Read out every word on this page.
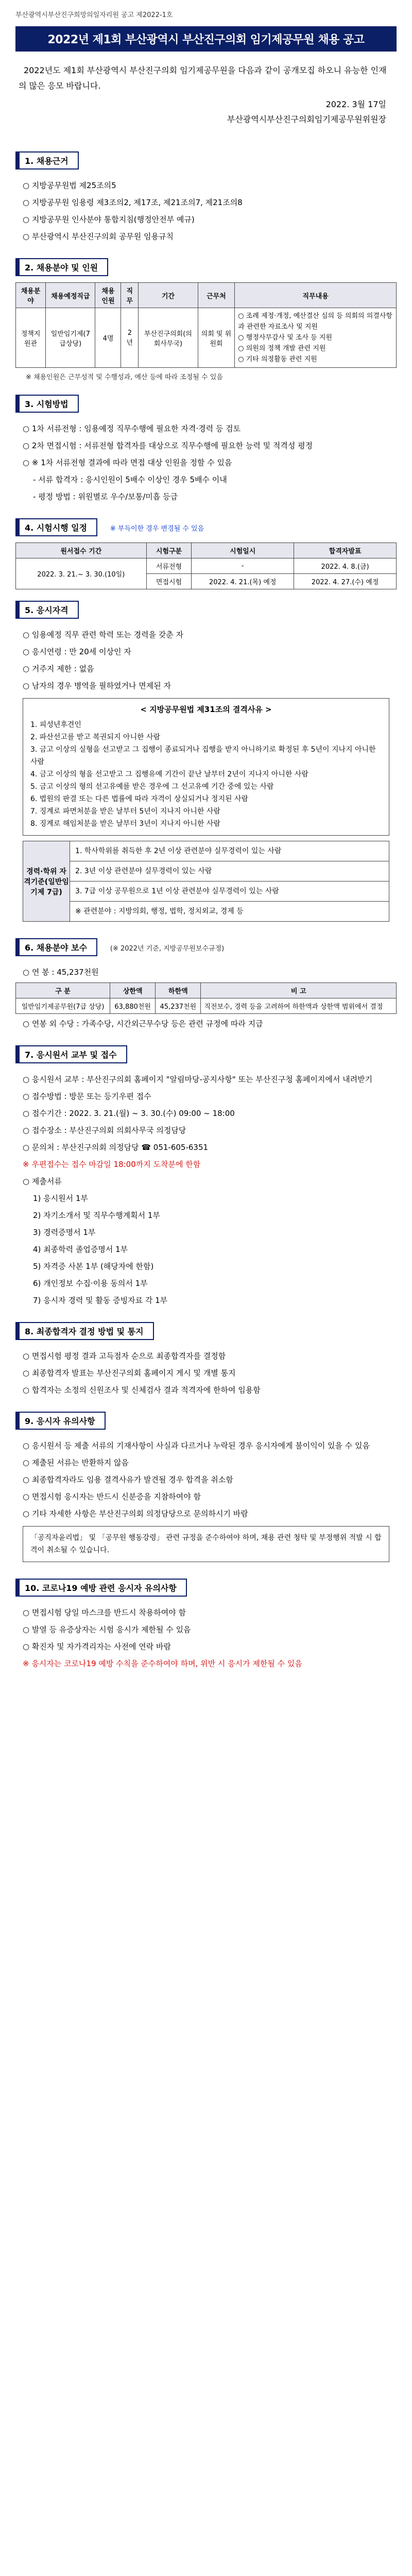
부산광역시부산진구희망의일자리원 공고 제2022-1호
2022년 제1회 부산광역시 부산진구의회 임기제공무원 채용 공고
2022년도 제1회 부산광역시 부산진구의회 임기제공무원을 다음과 같이 공개모집 하오니 유능한 인재의 많은 응모 바랍니다.
2022. 3월 17일
부산광역시부산진구의회임기제공무원위원장
1. 채용근거
○ 지방공무원법 제25조의5
○ 지방공무원 임용령 제3조의2, 제17조, 제21조의7, 제21조의8
○ 지방공무원 인사분야 통합지침(행정안전부 예규)
○ 부산광역시 부산진구의회 공무원 임용규칙
2. 채용분야 및 인원
채용분야	채용예정직급	채용인원	직무	기간	근무처	직무내용
정책지원관	일반임기제(7급상당)	4명	2년	부산진구의회(의회사무국)	의회 및 위원회	○ 조례 제정·개정, 예산결산 심의 등 의회의 의결사항과 관련한 자료조사 및 지원
○ 행정사무감사 및 조사 등 지원
○ 의원의 정책 개발 관련 지원
○ 기타 의정활동 관련 지원
※ 채용인원은 근무성적 및 수행성과, 예산 등에 따라 조정될 수 있음
3. 시험방법
○ 1차 서류전형 : 임용예정 직무수행에 필요한 자격·경력 등 검토
○ 2차 면접시험 : 서류전형 합격자를 대상으로 직무수행에 필요한 능력 및 적격성 평정
○ ※ 1차 서류전형 결과에 따라 면접 대상 인원을 정할 수 있음
- 서류 합격자 : 응시인원이 5배수 이상인 경우 5배수 이내
- 평정 방법 : 위원별로 우수/보통/미흡 등급
4. 시험시행 일정	※ 부득이한 경우 변경될 수 있음
원서접수 기간	시험구분	시험일시	합격자발표
2022. 3. 21.~ 3. 30.(10일)	서류전형	-	2022. 4. 8.(금)
	면접시험	2022. 4. 21.(목) 예정	2022. 4. 27.(수) 예정
5. 응시자격
○ 임용예정 직무 관련 학력 또는 경력을 갖춘 자
○ 응시연령 : 만 20세 이상인 자
○ 거주지 제한 : 없음
○ 남자의 경우 병역을 필하였거나 면제된 자
< 지방공무원법 제31조의 결격사유 >
1. 피성년후견인
2. 파산선고를 받고 복권되지 아니한 사람
3. 금고 이상의 실형을 선고받고 그 집행이 종료되거나 집행을 받지 아니하기로 확정된 후 5년이 지나지 아니한 사람
4. 금고 이상의 형을 선고받고 그 집행유예 기간이 끝난 날부터 2년이 지나지 아니한 사람
5. 금고 이상의 형의 선고유예를 받은 경우에 그 선고유예 기간 중에 있는 사람
6. 법원의 판결 또는 다른 법률에 따라 자격이 상실되거나 정지된 사람
7. 징계로 파면처분을 받은 날부터 5년이 지나지 아니한 사람
8. 징계로 해임처분을 받은 날부터 3년이 지나지 아니한 사람
경력·학위 자격기준(일반임기제 7급)
1. 학사학위를 취득한 후 2년 이상 관련분야 실무경력이 있는 사람
2. 3년 이상 관련분야 실무경력이 있는 사람
3. 7급 이상 공무원으로 1년 이상 관련분야 실무경력이 있는 사람
※ 관련분야 : 지방의회, 행정, 법학, 정치외교, 경제 등
6. 채용분야 보수	(※ 2022년 기준, 지방공무원보수규정)
○ 연 봉 : 45,237천원
구 분	상한액	하한액	비 고
일반임기제공무원(7급 상당)	63,880천원	45,237천원	직전보수, 경력 등을 고려하여 하한액과 상한액 범위에서 결정
○ 연봉 외 수당 : 가족수당, 시간외근무수당 등은 관련 규정에 따라 지급
7. 응시원서 교부 및 접수
○ 응시원서 교부 : 부산진구의회 홈페이지 "알림마당-공지사항" 또는 부산진구청 홈페이지에서 내려받기
○ 접수방법 : 방문 또는 등기우편 접수
○ 접수기간 : 2022. 3. 21.(월) ~ 3. 30.(수) 09:00 ~ 18:00
○ 접수장소 : 부산진구의회 의회사무국 의정담당
○ 문의처 : 부산진구의회 의정담당 ☎ 051-605-6351
※ 우편접수는 접수 마감일 18:00까지 도착분에 한함
○ 제출서류
1) 응시원서 1부
2) 자기소개서 및 직무수행계획서 1부
3) 경력증명서 1부
4) 최종학력 졸업증명서 1부
5) 자격증 사본 1부 (해당자에 한함)
6) 개인정보 수집·이용 동의서 1부
7) 응시자 경력 및 활동 증빙자료 각 1부
8. 최종합격자 결정 방법 및 통지
○ 면접시험 평정 결과 고득점자 순으로 최종합격자를 결정함
○ 최종합격자 발표는 부산진구의회 홈페이지 게시 및 개별 통지
○ 합격자는 소정의 신원조사 및 신체검사 결과 적격자에 한하여 임용함
9. 응시자 유의사항
○ 응시원서 등 제출 서류의 기재사항이 사실과 다르거나 누락된 경우 응시자에게 불이익이 있을 수 있음
○ 제출된 서류는 반환하지 않음
○ 최종합격자라도 임용 결격사유가 발견될 경우 합격을 취소함
○ 면접시험 응시자는 반드시 신분증을 지참하여야 함
○ 기타 자세한 사항은 부산진구의회 의정담당으로 문의하시기 바람
「공직자윤리법」 및 「공무원 행동강령」 관련 규정을 준수하여야 하며, 채용 관련 청탁 및 부정행위 적발 시 합격이 취소될 수 있습니다.
10. 코로나19 예방 관련 응시자 유의사항
○ 면접시험 당일 마스크를 반드시 착용하여야 함
○ 발열 등 유증상자는 시험 응시가 제한될 수 있음
○ 확진자 및 자가격리자는 사전에 연락 바람
※ 응시자는 코로나19 예방 수칙을 준수하여야 하며, 위반 시 응시가 제한될 수 있음
